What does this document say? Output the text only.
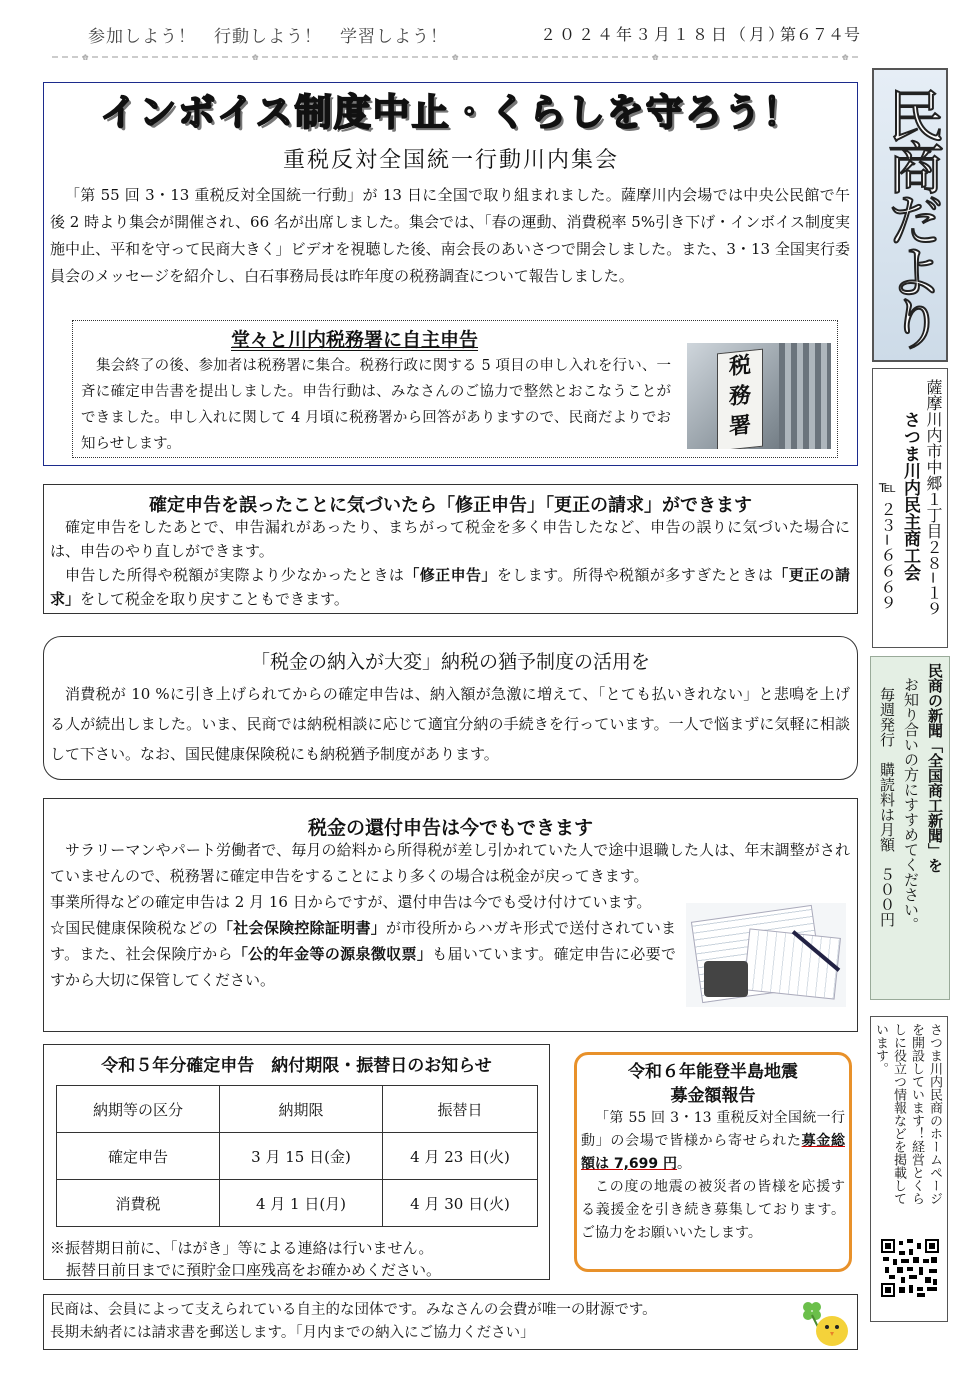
参加しよう！　行動しよう！　学習しよう！	２０２４年３月１８日（月）
第６７４号
✿	✿	✿	✿	✿
民商だより
薩摩川内市中郷１丁目２８−１９
さつま川内民主商工会
℡ ２３−６６６９
民商の新聞「全国商工新聞」を
お知り合いの方にすすめてください。
毎週発行　購読料は月額　５００円
さつま川内民商のホームページを開設しています！経営とくらしに役立つ情報などを掲載しています。
インボイス制度中止・くらしを守ろう！
重税反対全国統一行動川内集会

「第 55 回 3・13 重税反対全国統一行動」が 13 日に全国で取り組まれました。薩摩川内会場では中央公民館で午後 2 時より集会が開催され、66 名が出席しました。集会では、「春の運動、消費税率 5%引き下げ・インボイス制度実施中止、平和を守って民商大きく」ビデオを視聴した後、南会長のあいさつで開会しました。また、3・13 全国実行委員会のメッセージを紹介し、白石事務局長は昨年度の税務調査について報告しました。

堂々と川内税務署に自主申告

集会終了の後、参加者は税務署に集合。税務行政に関する 5 項目の申し入れを行い、一斉に確定申告書を提出しました。申告行動は、みなさんのご協力で整然とおこなうことができました。申し入れに関して 4 月頃に税務署から回答がありますので、民商だよりでお知らせします。

税
務
署
確定申告を誤ったことに気づいたら「修正申告」「更正の請求」ができます

確定申告をしたあとで、申告漏れがあったり、まちがって税金を多く申告したなど、申告の誤りに気づいた場合には、申告のやり直しができます。

申告した所得や税額が実際より少なかったときは「修正申告」をします。所得や税額が多すぎたときは「更正の請求」をして税金を取り戻すこともできます。

「税金の納入が大変」納税の猶予制度の活用を

消費税が 10 %に引き上げられてからの確定申告は、納入額が急激に増えて、「とても払いきれない」と悲鳴を上げる人が続出しました。いま、民商では納税相談に応じて適宜分納の手続きを行っています。一人で悩まずに気軽に相談して下さい。なお、国民健康保険税にも納税猶予制度があります。

税金の還付申告は今でもできます

サラリーマンやパート労働者で、毎月の給料から所得税が差し引かれていた人で途中退職した人は、年末調整がされていませんので、税務署に確定申告をすることにより多くの場合は税金が戻ってきます。

事業所得などの確定申告は 2 月 16 日からですが、還付申告は今でも受け付けています。

☆国民健康保険税などの「社会保険控除証明書」が市役所からハガキ形式で送付されています。また、社会保険庁から「公的年金等の源泉徴収票」も届いています。確定申告に必要ですから大切に保管してください。

令和５年分確定申告　納付期限・振替日のお知らせ
納期等の区分	納期限	振替日
確定申告	3 月 15 日(金)	4 月 23 日(火)
消費税	4 月 1 日(月)	4 月 30 日(火)
※振替期日前に、「はがき」等による連絡は行いません。
振替日前日までに預貯金口座残高をお確かめください。
令和６年能登半島地震
募金額報告

「第 55 回 3・13 重税反対全国統一行動」の会場で皆様から寄せられた募金総額は 7,699 円。

この度の地震の被災者の皆様を応援する義援金を引き続き募集しております。ご協力をお願いいたします。

民商は、会員によって支えられている自主的な団体です。みなさんの会費が唯一の財源です。
長期未納者には請求書を郵送します。「月内までの納入にご協力ください」
